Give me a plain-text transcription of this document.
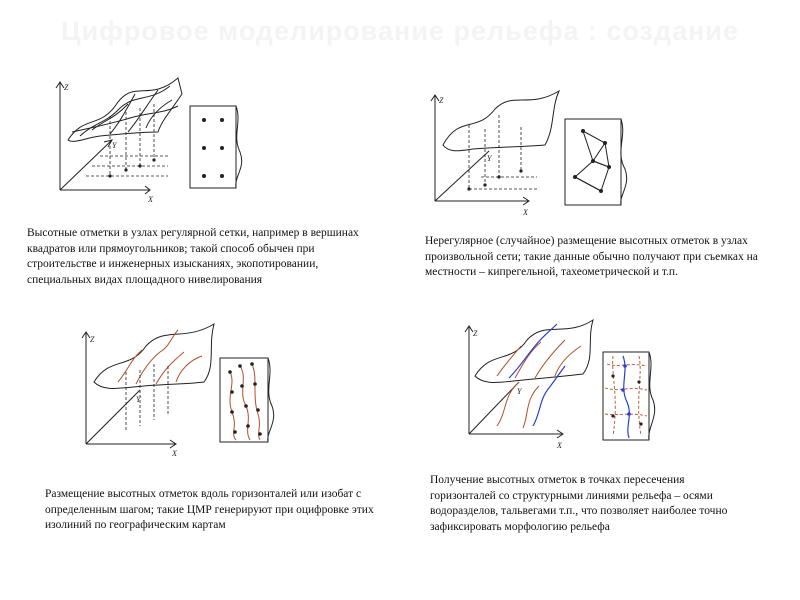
Цифровое моделирование рельефа : создание
Z
Y
X
Z
Y
X
Z
Y
X
Z
Y
X
Высотные отметки в узлах регулярной сетки, например в вершинах квадратов или прямоугольников; такой способ обычен при строительстве и инженерных изысканиях, экопотировании, специальных видах площадного нивелирования
Нерегулярное (случайное) размещение высотных отметок в узлах произвольной сети; такие данные обычно получают при съемках на местности – кипрегельной, тахеометрической и т.п.
Размещение высотных отметок вдоль горизонталей или изобат с определенным шагом; такие ЦМР генерируют при оцифровке этих изолиний по географическим картам
Получение высотных отметок в точках пересечения горизонталей со структурными линиями рельефа – осями водоразделов, тальвегами т.п., что позволяет наиболее точно зафиксировать морфологию рельефа
